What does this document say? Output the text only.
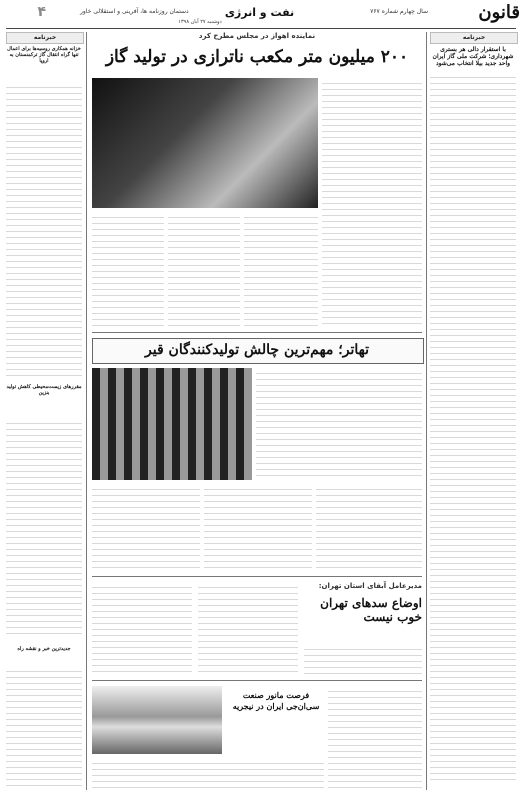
۴	قانون
نفت و انرژی	سال چهارم شماره ۷۶۷
دستمان روزنامه ها، آفرینی و استقلالی خاور
دوشنبه ۲۷ آبان ۱۳۹۸
خبرنامه
با استقرار دالی هر بستری شهرداری؛ شرکت ملی گاز ایران واحد جدید بیلا انتخاب می‌شود
خبرنامه
خزانه همکاری روسیه‌ها برای اعمال تنها گراه انتقال گاز ترکمنستان به اروپا
مقررهای زیست‌محیطی کاهش تولید بنزین
جدیدترین خبر و نقشه راه
نماینده اهواز در مجلس مطرح کرد
۲۰۰ میلیون متر مکعب ناترازی در تولید گاز
تهاتر؛ مهم‌ترین چالش تولیدکنندگان قیر
مدیرعامل آبفای استان تهران:
اوضاع سدهای تهران خوب نیست
فرصت مانور صنعت سی‌ان‌جی ایران در نیجریه
